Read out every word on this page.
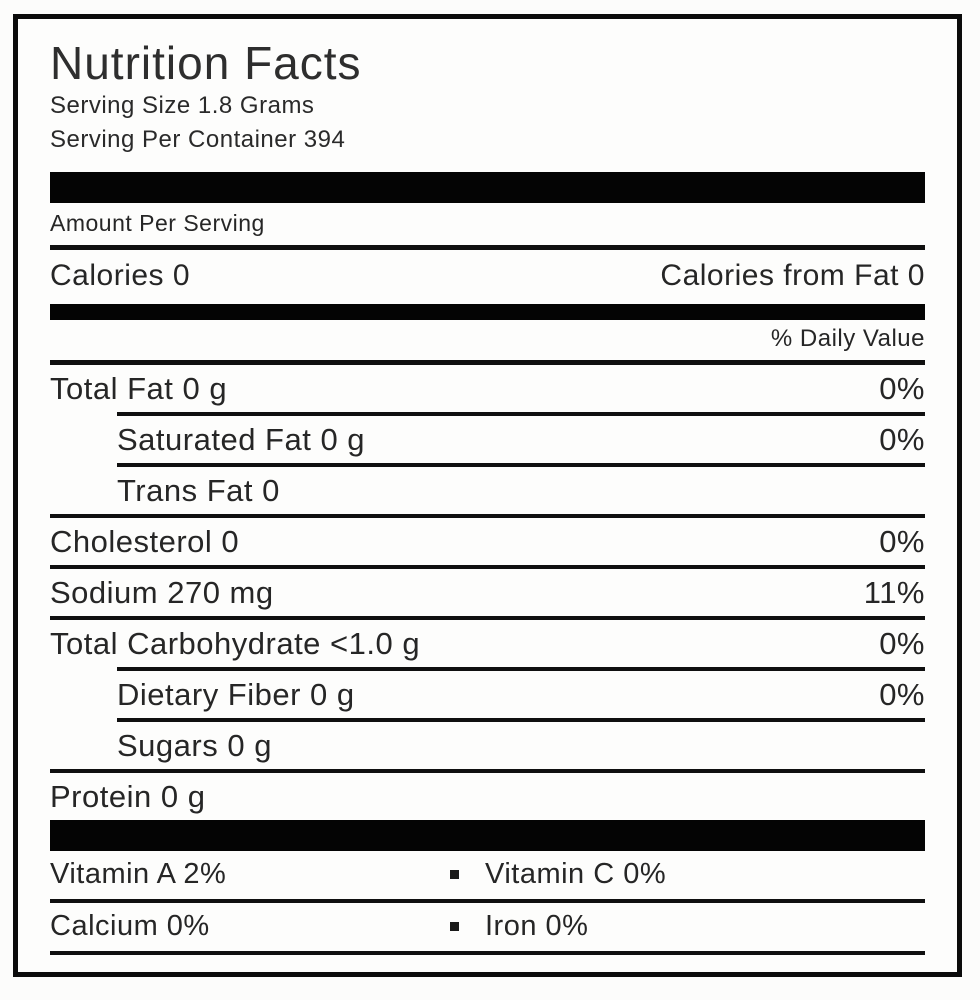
Nutrition Facts
Serving Size 1.8 Grams
Serving Per Container 394
Amount Per Serving
Calories 0	Calories from Fat 0
% Daily Value
Total Fat 0 g	0%
Saturated Fat 0 g	0%
Trans Fat 0
Cholesterol 0	0%
Sodium 270 mg	11%
Total Carbohydrate <1.0 g	0%
Dietary Fiber 0 g	0%
Sugars 0 g
Protein 0 g
Vitamin A 2%	Vitamin C 0%
Calcium 0%	Iron 0%
